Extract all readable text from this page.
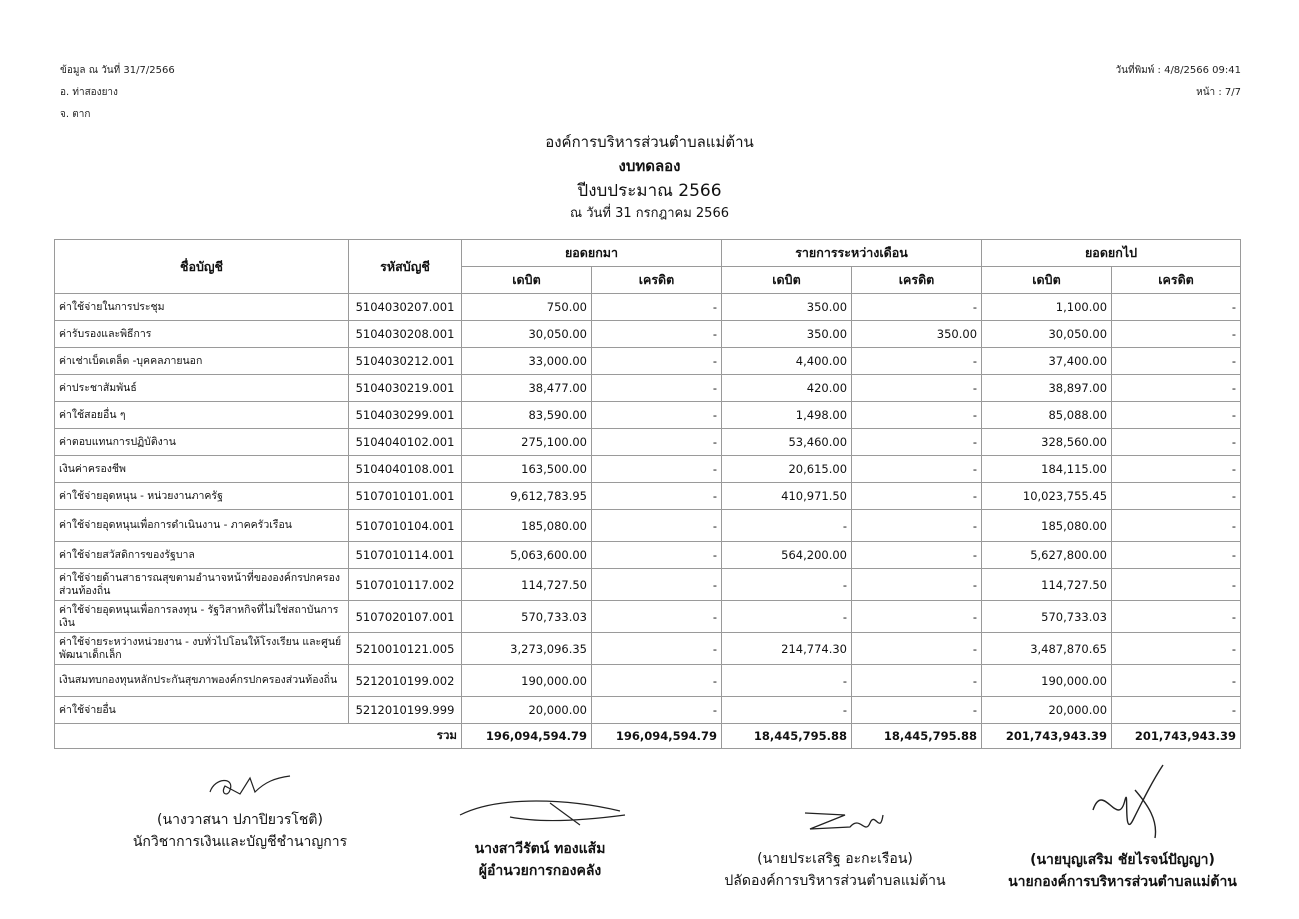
ข้อมูล ณ วันที่ 31/7/2566
อ. ท่าสองยาง
จ. ตาก
วันที่พิมพ์ : 4/8/2566 09:41
หน้า : 7/7
องค์การบริหารส่วนตำบลแม่ต้าน
งบทดลอง
ปีงบประมาณ 2566
ณ วันที่ 31 กรกฎาคม 2566
ชื่อบัญชี	รหัสบัญชี	ยอดยกมา		รายการระหว่างเดือน		ยอดยกไป	
		เดบิต	เครดิต	เดบิต	เครดิต	เดบิต	เครดิต
ค่าใช้จ่ายในการประชุม	5104030207.001	750.00	-	350.00	-	1,100.00	-
ค่ารับรองและพิธีการ	5104030208.001	30,050.00	-	350.00	350.00	30,050.00	-
ค่าเช่าเบ็ดเตล็ด -บุคคลภายนอก	5104030212.001	33,000.00	-	4,400.00	-	37,400.00	-
ค่าประชาสัมพันธ์	5104030219.001	38,477.00	-	420.00	-	38,897.00	-
ค่าใช้สอยอื่น ๆ	5104030299.001	83,590.00	-	1,498.00	-	85,088.00	-
ค่าตอบแทนการปฏิบัติงาน	5104040102.001	275,100.00	-	53,460.00	-	328,560.00	-
เงินค่าครองชีพ	5104040108.001	163,500.00	-	20,615.00	-	184,115.00	-
ค่าใช้จ่ายอุดหนุน - หน่วยงานภาครัฐ	5107010101.001	9,612,783.95	-	410,971.50	-	10,023,755.45	-
ค่าใช้จ่ายอุดหนุนเพื่อการดำเนินงาน - ภาคครัวเรือน	5107010104.001	185,080.00	-	-	-	185,080.00	-
ค่าใช้จ่ายสวัสดิการของรัฐบาล	5107010114.001	5,063,600.00	-	564,200.00	-	5,627,800.00	-
ค่าใช้จ่ายด้านสาธารณสุขตามอำนาจหน้าที่ขององค์กรปกครองส่วนท้องถิ่น	5107010117.002	114,727.50	-	-	-	114,727.50	-
ค่าใช้จ่ายอุดหนุนเพื่อการลงทุน - รัฐวิสาหกิจที่ไม่ใช่สถาบันการเงิน	5107020107.001	570,733.03	-	-	-	570,733.03	-
ค่าใช้จ่ายระหว่างหน่วยงาน - งบทั่วไปโอนให้โรงเรียน และศูนย์พัฒนาเด็กเล็ก	5210010121.005	3,273,096.35	-	214,774.30	-	3,487,870.65	-
เงินสมทบกองทุนหลักประกันสุขภาพองค์กรปกครองส่วนท้องถิ่น	5212010199.002	190,000.00	-	-	-	190,000.00	-
ค่าใช้จ่ายอื่น	5212010199.999	20,000.00	-	-	-	20,000.00	-
รวม		196,094,594.79	196,094,594.79	18,445,795.88	18,445,795.88	201,743,943.39	201,743,943.39
(นางวาสนา ปภาปิยวรโชติ)
นักวิชาการเงินและบัญชีชำนาญการ	นางสาวีรัตน์ ทองแส้ม
ผู้อำนวยการกองคลัง
(นายประเสริฐ อะกะเรือน)
ปลัดองค์การบริหารส่วนตำบลแม่ต้าน
(นายบุญเสริม ชัยไรจน์ปัญญา)
นายกองค์การบริหารส่วนตำบลแม่ต้าน
